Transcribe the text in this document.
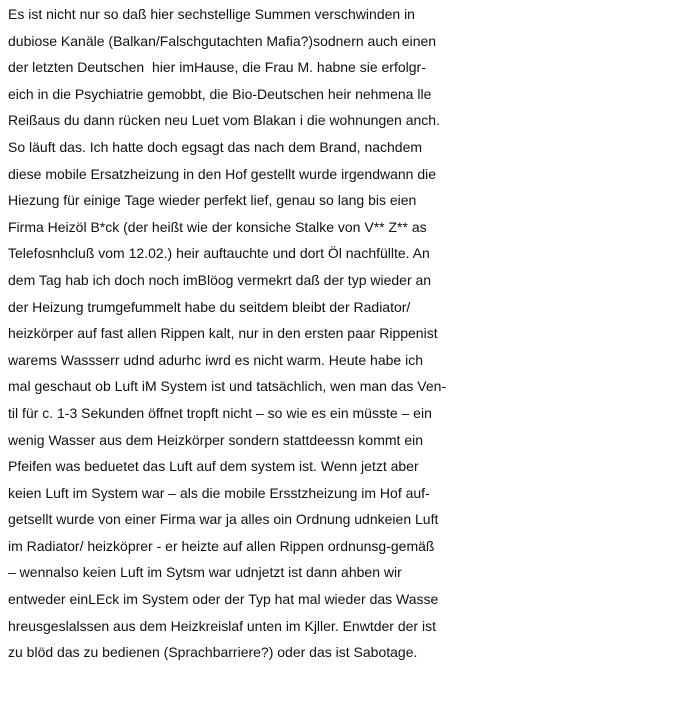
Es ist nicht nur so daß hier sechstellige Summen verschwinden in
dubiose Kanäle (Balkan/Falschgutachten Mafia?)sodnern auch einen
der letzten Deutschen  hier imHause, die Frau M. habne sie erfolgr-
eich in die Psychiatrie gemobbt, die Bio-Deutschen heir nehmena lle
Reißaus du dann rücken neu Luet vom Blakan i die wohnungen anch.
So läuft das. Ich hatte doch egsagt das nach dem Brand, nachdem
diese mobile Ersatzheizung in den Hof gestellt wurde irgendwann die
Hiezung für einige Tage wieder perfekt lief, genau so lang bis eien
Firma Heizöl B*ck (der heißt wie der konsiche Stalke von V** Z** as
Telefosnhcluß vom 12.02.) heir auftauchte und dort Öl nachfüllte. An
dem Tag hab ich doch noch imBlöog vermekrt daß der typ wieder an
der Heizung trumgefummelt habe du seitdem bleibt der Radiator/
heizkörper auf fast allen Rippen kalt, nur in den ersten paar Rippenist
warems Wassserr udnd adurhc iwrd es nicht warm. Heute habe ich
mal geschaut ob Luft iM System ist und tatsächlich, wen man das Ven-
til für c. 1-3 Sekunden öffnet tropft nicht – so wie es ein müsste – ein
wenig Wasser aus dem Heizkörper sondern stattdeessn kommt ein
Pfeifen was beduetet das Luft auf dem system ist. Wenn jetzt aber
keien Luft im System war – als die mobile Ersstzheizung im Hof auf-
getsellt wurde von einer Firma war ja alles oin Ordnung udnkeien Luft
im Radiator/ heizköprer - er heizte auf allen Rippen ordnunsg-gemäß
– wennalso keien Luft im Sytsm war udnjetzt ist dann ahben wir
entweder einLEck im System oder der Typ hat mal wieder das Wasse
hreusgeslalssen aus dem Heizkreislaf unten im Kjller. Enwtder der ist
zu blöd das zu bedienen (Sprachbarriere?) oder das ist Sabotage.
